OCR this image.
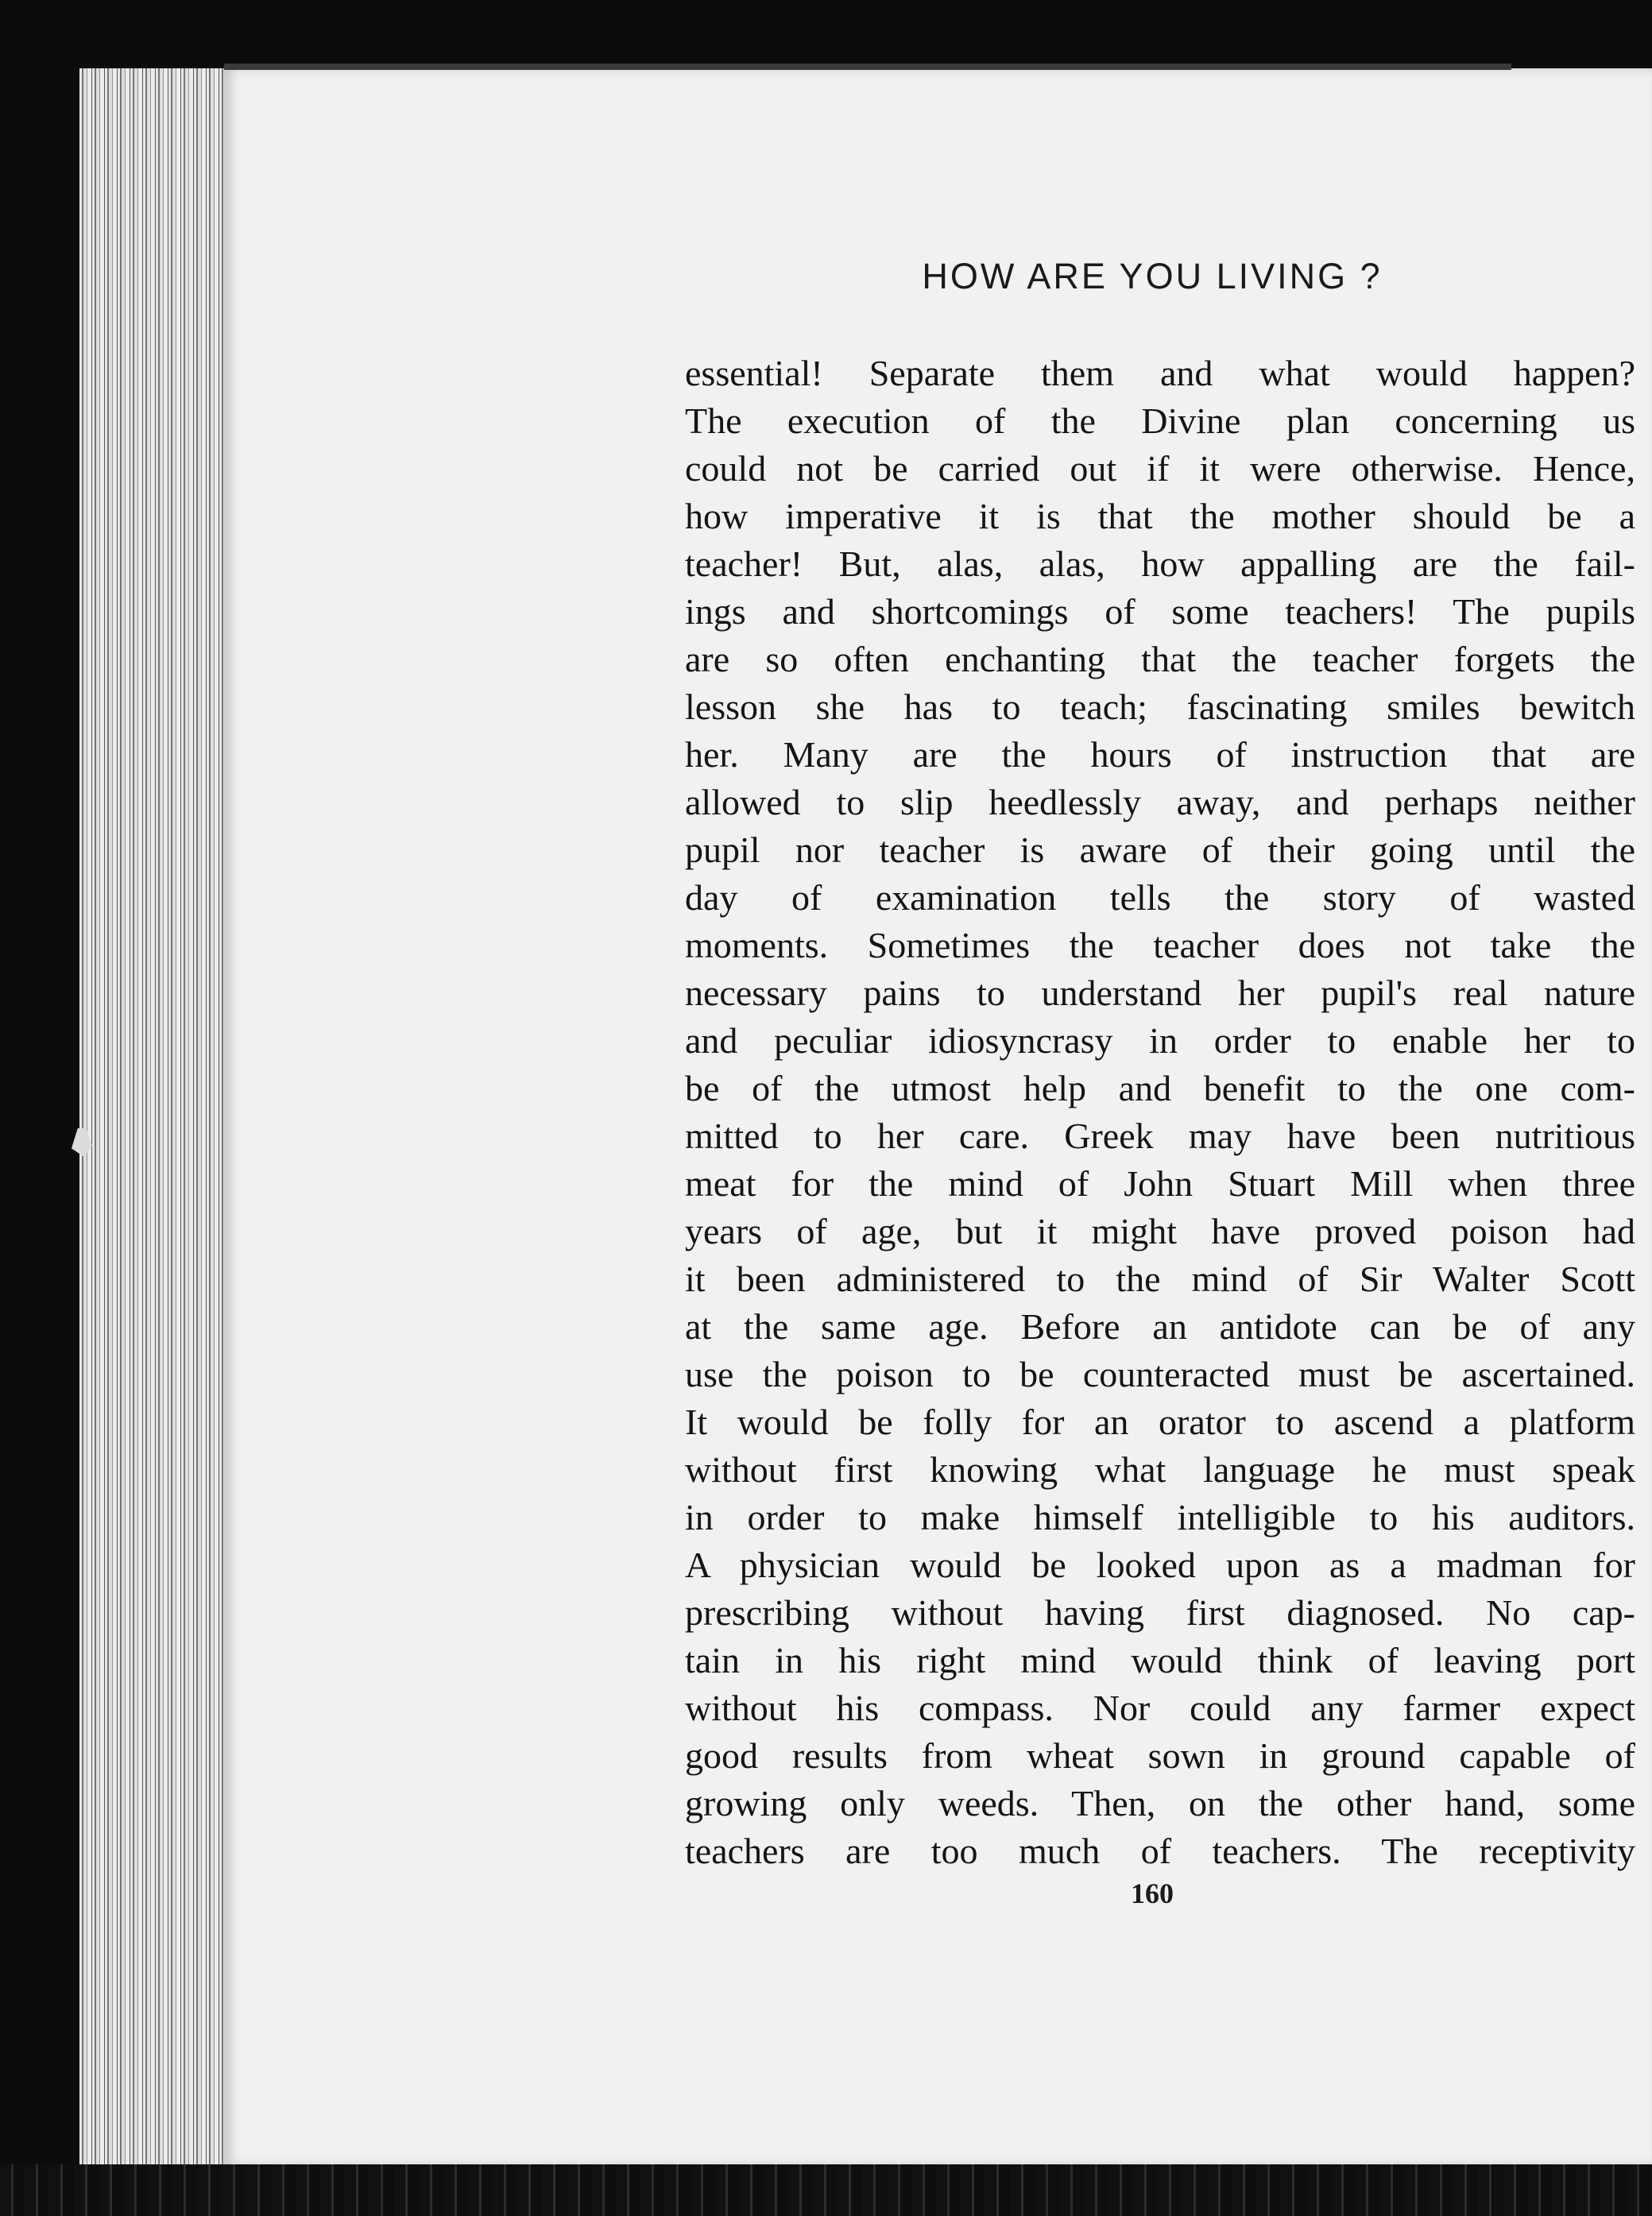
HOW ARE YOU LIVING ?
essential! Separate them and what would happen?
The execution of the Divine plan concerning us
could not be carried out if it were otherwise. Hence,
how imperative it is that the mother should be a
teacher! But, alas, alas, how appalling are the fail-
ings and shortcomings of some teachers! The pupils
are so often enchanting that the teacher forgets the
lesson she has to teach; fascinating smiles bewitch
her. Many are the hours of instruction that are
allowed to slip heedlessly away, and perhaps neither
pupil nor teacher is aware of their going until the
day of examination tells the story of wasted
moments. Sometimes the teacher does not take the
necessary pains to understand her pupil's real nature
and peculiar idiosyncrasy in order to enable her to
be of the utmost help and benefit to the one com-
mitted to her care. Greek may have been nutritious
meat for the mind of John Stuart Mill when three
years of age, but it might have proved poison had
it been administered to the mind of Sir Walter Scott
at the same age. Before an antidote can be of any
use the poison to be counteracted must be ascertained.
It would be folly for an orator to ascend a platform
without first knowing what language he must speak
in order to make himself intelligible to his auditors.
A physician would be looked upon as a madman for
prescribing without having first diagnosed. No cap-
tain in his right mind would think of leaving port
without his compass. Nor could any farmer expect
good results from wheat sown in ground capable of
growing only weeds. Then, on the other hand, some
teachers are too much of teachers. The receptivity
160
